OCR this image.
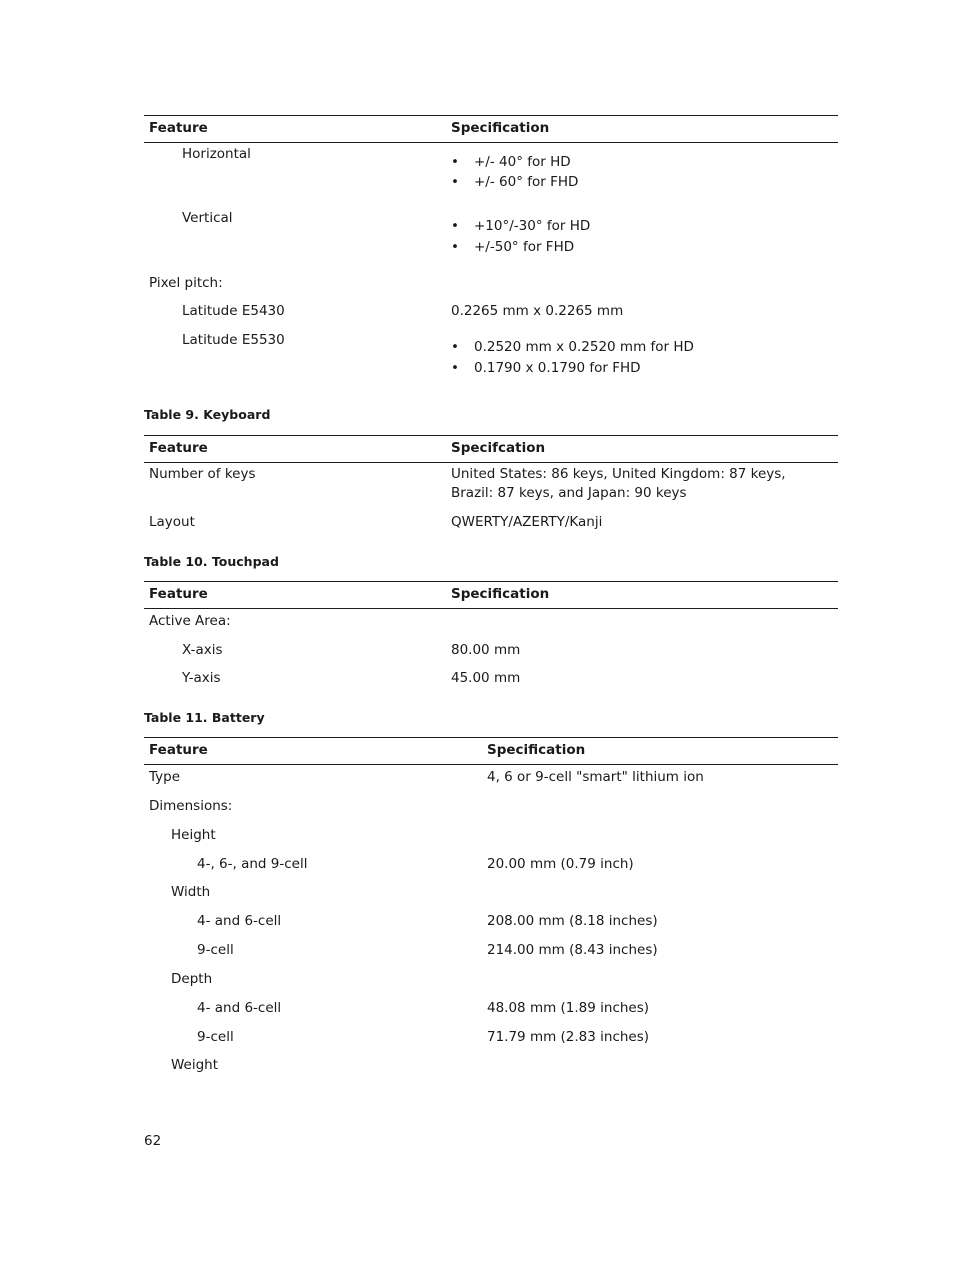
Feature	Specification
Horizontal	• +/- 40° for HD
• +/- 60° for FHD
Vertical	• +10°/-30° for HD
• +/-50° for FHD
Pixel pitch:
Latitude E5430	0.2265 mm x 0.2265 mm
Latitude E5530	• 0.2520 mm x 0.2520 mm for HD
• 0.1790 x 0.1790 for FHD
Table 9. Keyboard
Feature	Specifcation
Number of keys	United States: 86 keys, United Kingdom: 87 keys, Brazil: 87 keys, and Japan: 90 keys
Layout	QWERTY/AZERTY/Kanji
Table 10. Touchpad
Feature	Specification
Active Area:
X-axis	80.00 mm
Y-axis	45.00 mm
Table 11. Battery
Feature	Specification
Type	4, 6 or 9-cell "smart" lithium ion
Dimensions:
Height
4-, 6-, and 9-cell	20.00 mm (0.79 inch)
Width
4- and 6-cell	208.00 mm (8.18 inches)
9-cell	214.00 mm (8.43 inches)
Depth
4- and 6-cell	48.08 mm (1.89 inches)
9-cell	71.79 mm (2.83 inches)
Weight
62
